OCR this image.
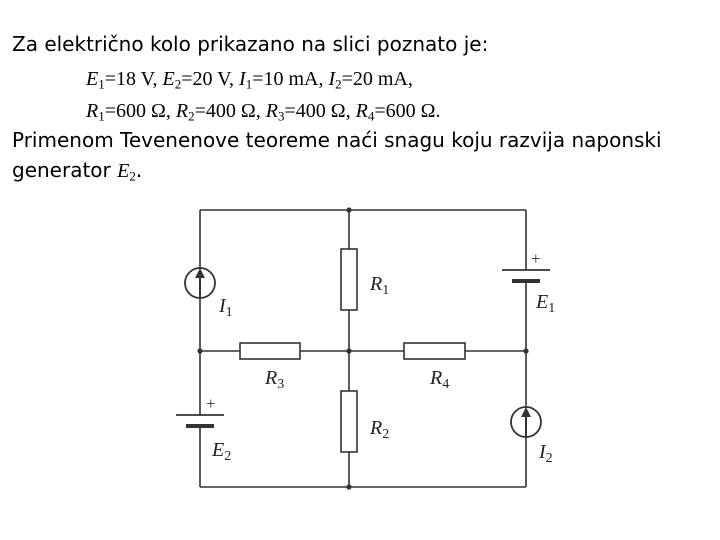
Za električno kolo prikazano na slici poznato je:
$E_1=18$ V, $E_2=20$ V, $I_1=10$ mA, $I_2=20$ mA,
$R_1=600$ Ω, $R_2=400$ Ω, $R_3=400$ Ω, $R_4=600$ Ω.
Primenom Tevenenove teoreme naći snagu koju razvija naponski
generator $E_2$.
+
+
$R_1$
$R_2$
$R_3$	$R_4$
$E_1$
$E_2$
$I_1$
$I_2$
